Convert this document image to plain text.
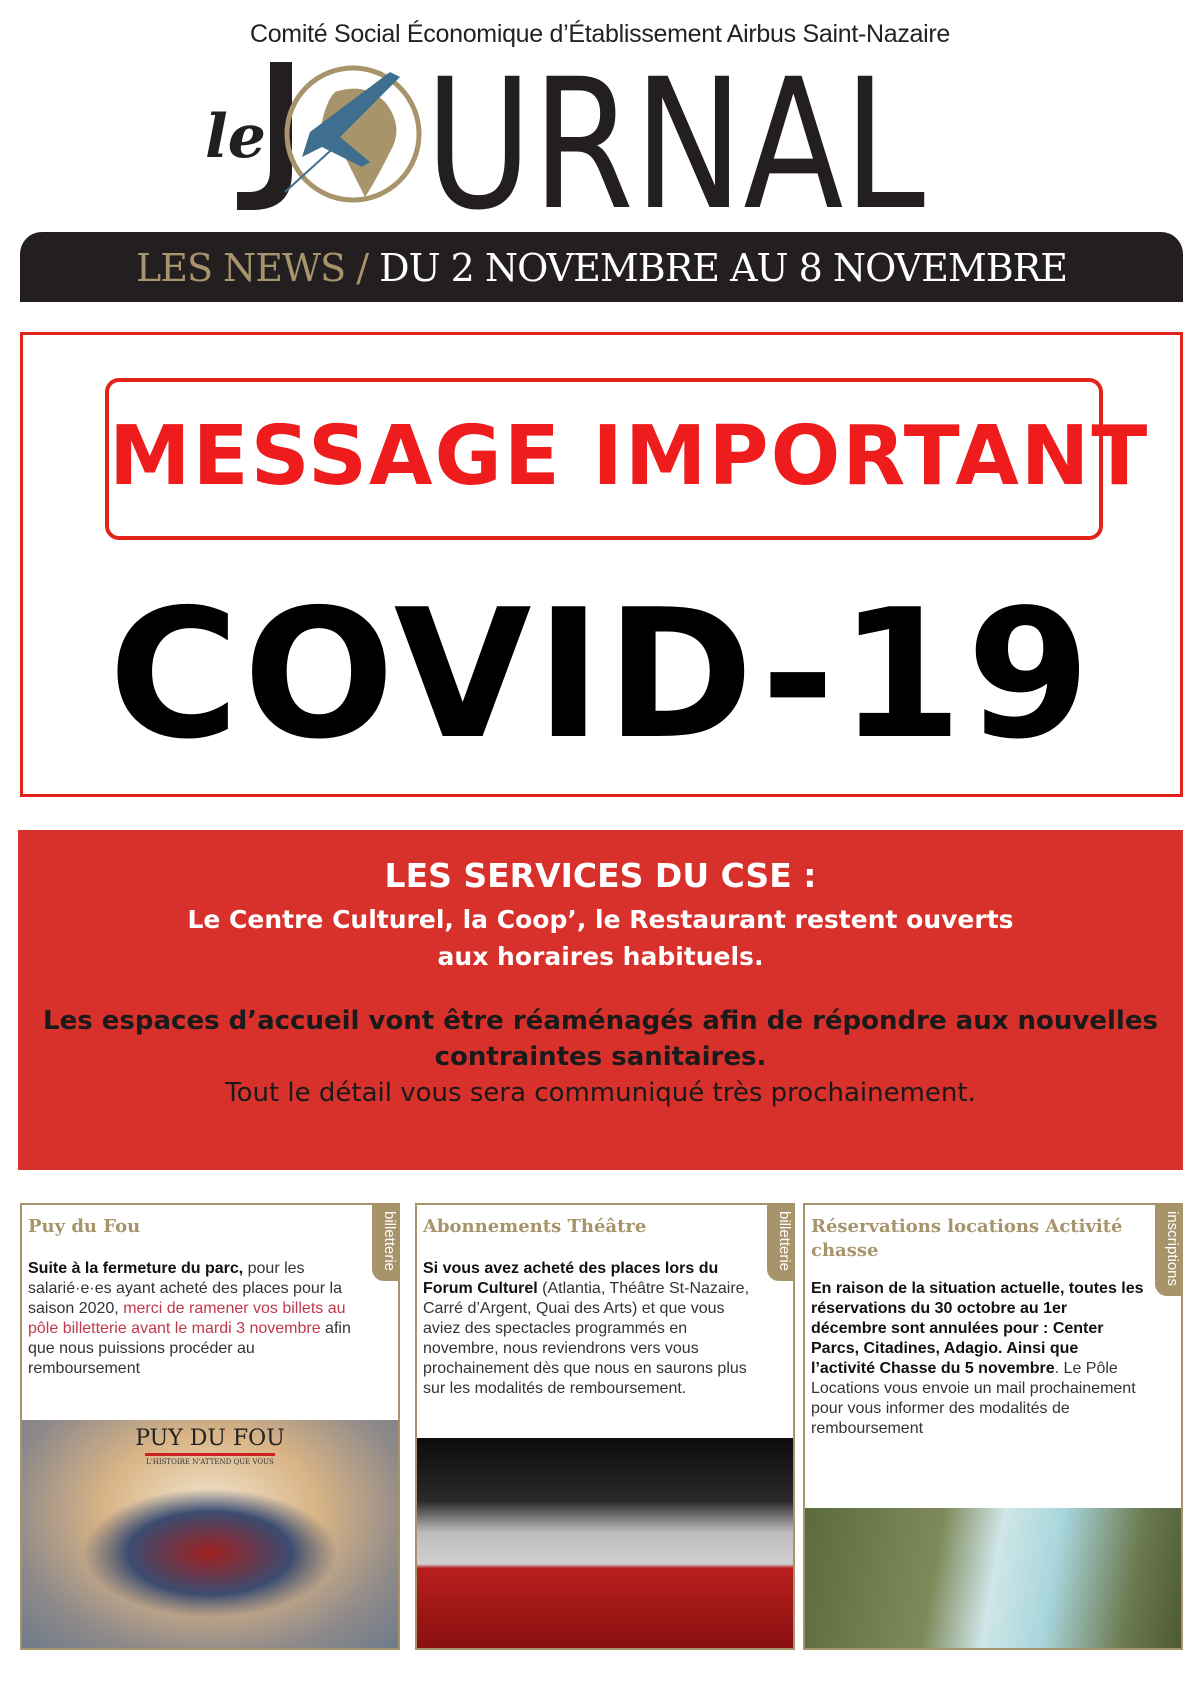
Comité Social Économique d’Établissement Airbus Saint-Nazaire
le URNAL
LES NEWS / DU 2 NOVEMBRE AU 8 NOVEMBRE
MESSAGE IMPORTANT
COVID-19
LES SERVICES DU CSE :
Le Centre Culturel, la Coop’, le Restaurant restent ouverts aux horaires habituels.
Les espaces d’accueil vont être réaménagés afin de répondre aux nouvelles contraintes sanitaires.
Tout le détail vous sera communiqué très prochainement.
billetterie
Puy du Fou
Suite à la fermeture du parc, pour les salarié·e·es ayant acheté des places pour la saison 2020, merci de ramener vos billets au pôle billetterie avant le mardi 3 novembre afin que nous puissions procéder au remboursement
PUY DU FOU
L'HISTOIRE N'ATTEND QUE VOUS
billetterie
Abonnements Théâtre
Si vous avez acheté des places lors du Forum Culturel (Atlantia, Théâtre St-Nazaire, Carré d’Argent, Quai des Arts) et que vous aviez des spectacles programmés en novembre, nous reviendrons vers vous prochainement dès que nous en saurons plus sur les modalités de remboursement.
inscriptions
Réservations locations Activité chasse
En raison de la situation actuelle, toutes les réservations du 30 octobre au 1er décembre sont annulées pour : Center Parcs, Citadines, Adagio. Ainsi que l’activité Chasse du 5 novembre. Le Pôle Locations vous envoie un mail prochainement pour vous informer des modalités de remboursement
